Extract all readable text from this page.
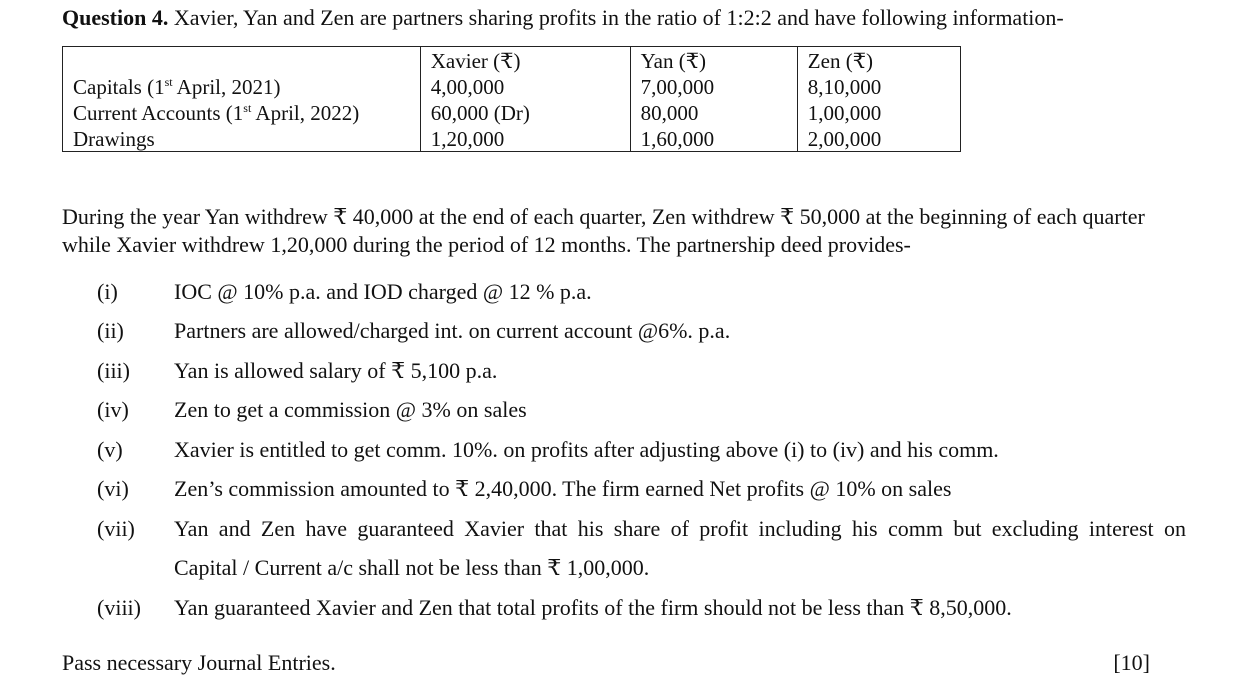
Question 4. Xavier, Yan and Zen are partners sharing profits in the ratio of 1:2:2 and have following information-
	Xavier (₹)	Yan (₹)	Zen (₹)
Capitals (1st April, 2021)	4,00,000	7,00,000	8,10,000
Current Accounts (1st April, 2022)	60,000 (Dr)	80,000	1,00,000
Drawings	1,20,000	1,60,000	2,00,000

During the year Yan withdrew ₹ 40,000 at the end of each quarter, Zen withdrew ₹ 50,000 at the beginning of each quarter

while Xavier withdrew 1,20,000 during the period of 12 months. The partnership deed provides-

(i)	IOC @ 10% p.a. and IOD charged @ 12 % p.a.
(ii) Partners are allowed/charged int. on current account @6%. p.a.
(iii) Yan is allowed salary of ₹ 5,100 p.a.
(iv) Zen to get a commission @ 3% on sales
(v) Xavier is entitled to get comm. 10%. on profits after adjusting above (i) to (iv) and his comm.
(vi) Zen’s commission amounted to ₹ 2,40,000. The firm earned Net profits @ 10% on sales
(vii) Yan and Zen have guaranteed Xavier that his share of profit including his comm but excluding interest on
Capital / Current a/c shall not be less than ₹ 1,00,000.
(viii) Yan guaranteed Xavier and Zen that total profits of the firm should not be less than ₹ 8,50,000.
Pass necessary Journal Entries.	[10]
